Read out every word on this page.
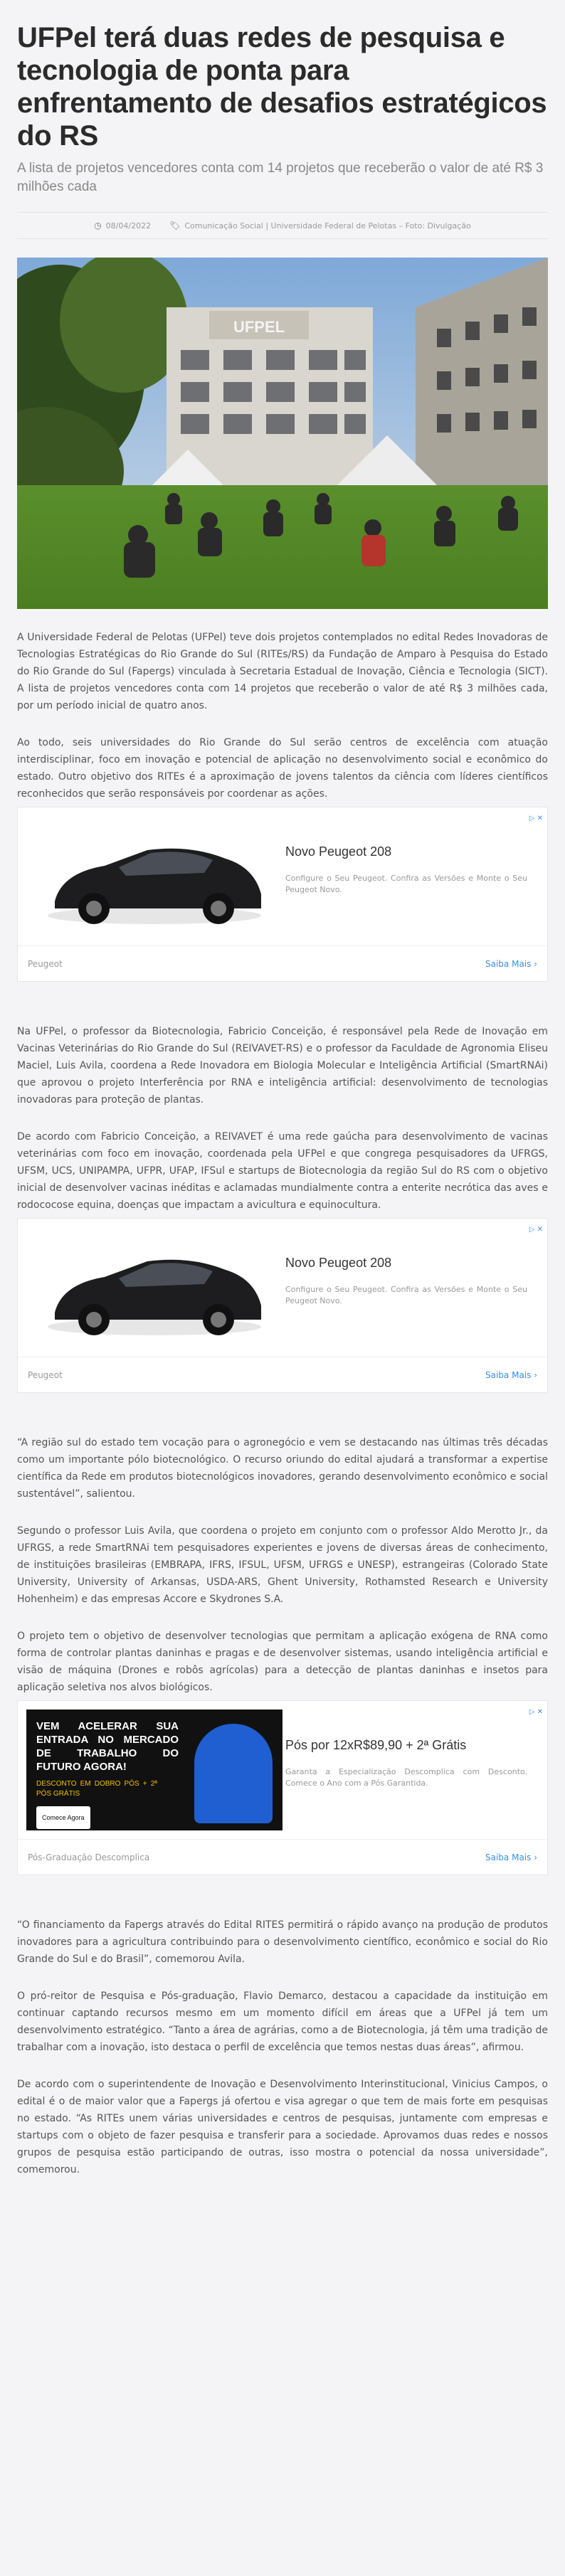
UFPel terá duas redes de pesquisa e tecnologia de ponta para enfrentamento de desafios estratégicos do RS
A lista de projetos vencedores conta com 14 projetos que receberão o valor de até R$ 3 milhões cada
◷ 08/04/2022 🏷 Comunicação Social | Universidade Federal de Pelotas – Foto: Divulgação
UFPEL

A Universidade Federal de Pelotas (UFPel) teve dois projetos contemplados no edital Redes Inovadoras de Tecnologias Estratégicas do Rio Grande do Sul (RITEs/RS) da Fundação de Amparo à Pesquisa do Estado do Rio Grande do Sul (Fapergs) vinculada à Secretaria Estadual de Inovação, Ciência e Tecnologia (SICT). A lista de projetos vencedores conta com 14 projetos que receberão o valor de até R$ 3 milhões cada, por um período inicial de quatro anos.

Ao todo, seis universidades do Rio Grande do Sul serão centros de excelência com atuação interdisciplinar, foco em inovação e potencial de aplicação no desenvolvimento social e econômico do estado. Outro objetivo dos RITEs é a aproximação de jovens talentos da ciência com líderes científicos reconhecidos que serão responsáveis por coordenar as ações.

▷ ✕
Novo Peugeot 208
Configure o Seu Peugeot. Confira as Versões e Monte o Seu Peugeot Novo.
Peugeot	Saiba Mais ›

Na UFPel, o professor da Biotecnologia, Fabricio Conceição, é responsável pela Rede de Inovação em Vacinas Veterinárias do Rio Grande do Sul (REIVAVET-RS) e o professor da Faculdade de Agronomia Eliseu Maciel, Luis Avila, coordena a Rede Inovadora em Biologia Molecular e Inteligência Artificial (SmartRNAi) que aprovou o projeto Interferência por RNA e inteligência artificial: desenvolvimento de tecnologias inovadoras para proteção de plantas.

De acordo com Fabricio Conceição, a REIVAVET é uma rede gaúcha para desenvolvimento de vacinas veterinárias com foco em inovação, coordenada pela UFPel e que congrega pesquisadores da UFRGS, UFSM, UCS, UNIPAMPA, UFPR, UFAP, IFSul e startups de Biotecnologia da região Sul do RS com o objetivo inicial de desenvolver vacinas inéditas e aclamadas mundialmente contra a enterite necrótica das aves e rodococose equina, doenças que impactam a avicultura e equinocultura.

▷ ✕
Novo Peugeot 208
Configure o Seu Peugeot. Confira as Versões e Monte o Seu Peugeot Novo.
Peugeot	Saiba Mais ›

“A região sul do estado tem vocação para o agronegócio e vem se destacando nas últimas três décadas como um importante pólo biotecnológico. O recurso oriundo do edital ajudará a transformar a expertise científica da Rede em produtos biotecnológicos inovadores, gerando desenvolvimento econômico e social sustentável”, salientou.

Segundo o professor Luis Avila, que coordena o projeto em conjunto com o professor Aldo Merotto Jr., da UFRGS, a rede SmartRNAi tem pesquisadores experientes e jovens de diversas áreas de conhecimento, de instituições brasileiras (EMBRAPA, IFRS, IFSUL, UFSM, UFRGS e UNESP), estrangeiras (Colorado State University, University of Arkansas, USDA-ARS, Ghent University, Rothamsted Research e University Hohenheim) e das empresas Accore e Skydrones S.A.

O projeto tem o objetivo de desenvolver tecnologias que permitam a aplicação exógena de RNA como forma de controlar plantas daninhas e pragas e de desenvolver sistemas, usando inteligência artificial e visão de máquina (Drones e robôs agrícolas) para a detecção de plantas daninhas e insetos para aplicação seletiva nos alvos biológicos.

▷ ✕
VEM ACELERAR SUA ENTRADA NO MERCADO DE TRABALHO DO FUTURO AGORA!
DESCONTO EM DOBRO PÓS + 2ª PÓS GRÁTIS
Comece Agora
Pós por 12xR$89,90 + 2ª Grátis
Garanta a Especialização Descomplica com Desconto. Comece o Ano com a Pós Garantida.
Pós-Graduação Descomplica	Saiba Mais ›

“O financiamento da Fapergs através do Edital RITES permitirá o rápido avanço na produção de produtos inovadores para a agricultura contribuindo para o desenvolvimento científico, econômico e social do Rio Grande do Sul e do Brasil”, comemorou Avila.

O pró-reitor de Pesquisa e Pós-graduação, Flavio Demarco, destacou a capacidade da instituição em continuar captando recursos mesmo em um momento difícil em áreas que a UFPel já tem um desenvolvimento estratégico. “Tanto a área de agrárias, como a de Biotecnologia, já têm uma tradição de trabalhar com a inovação, isto destaca o perfil de excelência que temos nestas duas áreas”, afirmou.

De acordo com o superintendente de Inovação e Desenvolvimento Interinstitucional, Vinicius Campos, o edital é o de maior valor que a Fapergs já ofertou e visa agregar o que tem de mais forte em pesquisas no estado. “As RITEs unem várias universidades e centros de pesquisas, juntamente com empresas e startups com o objeto de fazer pesquisa e transferir para a sociedade. Aprovamos duas redes e nossos grupos de pesquisa estão participando de outras, isso mostra o potencial da nossa universidade”, comemorou.
